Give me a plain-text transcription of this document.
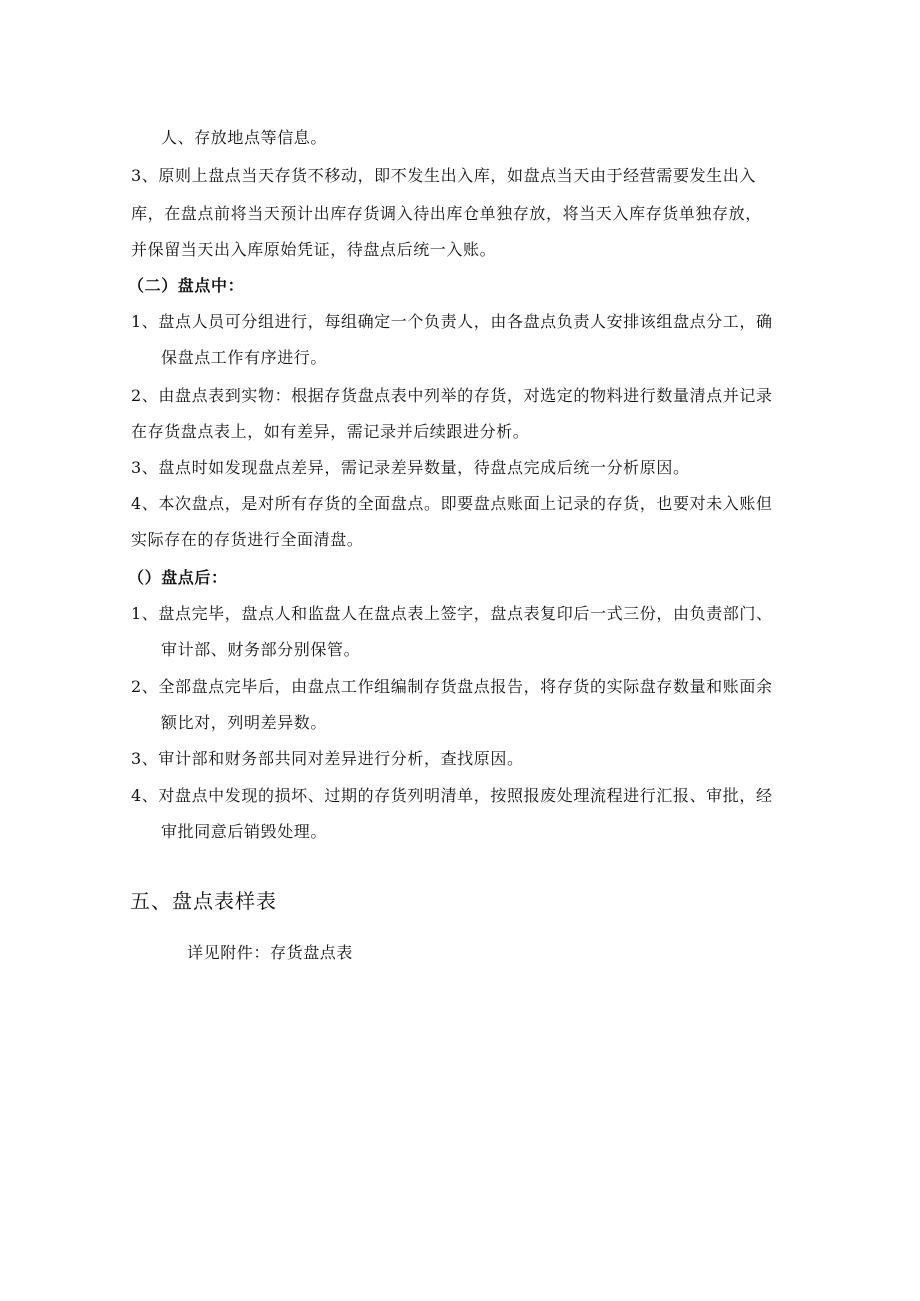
人、存放地点等信息。
3、原则上盘点当天存货不移动，即不发生出入库，如盘点当天由于经营需要发生出入
库，在盘点前将当天预计出库存货调入待出库仓单独存放，将当天入库存货单独存放，
并保留当天出入库原始凭证，待盘点后统一入账。
（二）盘点中：
1、盘点人员可分组进行，每组确定一个负责人，由各盘点负责人安排该组盘点分工，确
保盘点工作有序进行。
2、由盘点表到实物：根据存货盘点表中列举的存货，对选定的物料进行数量清点并记录
在存货盘点表上，如有差异，需记录并后续跟进分析。
3、盘点时如发现盘点差异，需记录差异数量，待盘点完成后统一分析原因。
4、本次盘点，是对所有存货的全面盘点。即要盘点账面上记录的存货，也要对未入账但
实际存在的存货进行全面清盘。
（）盘点后：
1、盘点完毕，盘点人和监盘人在盘点表上签字，盘点表复印后一式三份，由负责部门、
审计部、财务部分别保管。
2、全部盘点完毕后，由盘点工作组编制存货盘点报告，将存货的实际盘存数量和账面余
额比对，列明差异数。
3、审计部和财务部共同对差异进行分析，查找原因。
4、对盘点中发现的损坏、过期的存货列明清单，按照报废处理流程进行汇报、审批，经
审批同意后销毁处理。
五、盘点表样表
详见附件：存货盘点表
